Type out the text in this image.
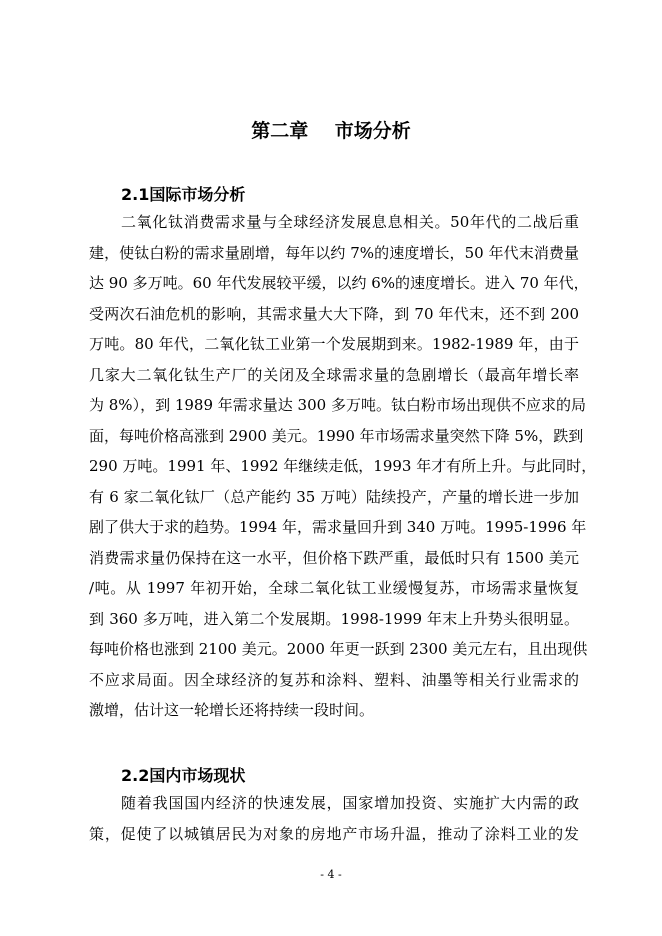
第二章    市场分析
2.1国际市场分析
二氧化钛消费需求量与全球经济发展息息相关。50年代的二战后重
建，使钛白粉的需求量剧增，每年以约 7%的速度增长，50 年代末消费量
达 90 多万吨。60 年代发展较平缓，以约 6%的速度增长。进入 70 年代，
受两次石油危机的影响，其需求量大大下降，到 70 年代末，还不到 200
万吨。80 年代，二氧化钛工业第一个发展期到来。1982-1989 年，由于
几家大二氧化钛生产厂的关闭及全球需求量的急剧增长（最高年增长率
为 8%），到 1989 年需求量达 300 多万吨。钛白粉市场出现供不应求的局
面，每吨价格高涨到 2900 美元。1990 年市场需求量突然下降 5%，跌到
290 万吨。1991 年、1992 年继续走低，1993 年才有所上升。与此同时，
有 6 家二氧化钛厂（总产能约 35 万吨）陆续投产，产量的增长进一步加
剧了供大于求的趋势。1994 年，需求量回升到 340 万吨。1995-1996 年
消费需求量仍保持在这一水平，但价格下跌严重，最低时只有 1500 美元
/吨。从 1997 年初开始，全球二氧化钛工业缓慢复苏，市场需求量恢复
到 360 多万吨，进入第二个发展期。1998-1999 年末上升势头很明显。
每吨价格也涨到 2100 美元。2000 年更一跃到 2300 美元左右，且出现供
不应求局面。因全球经济的复苏和涂料、塑料、油墨等相关行业需求的
激增，估计这一轮增长还将持续一段时间。
2.2国内市场现状
随着我国国内经济的快速发展，国家增加投资、实施扩大内需的政
策，促使了以城镇居民为对象的房地产市场升温，推动了涂料工业的发
- 4 -
